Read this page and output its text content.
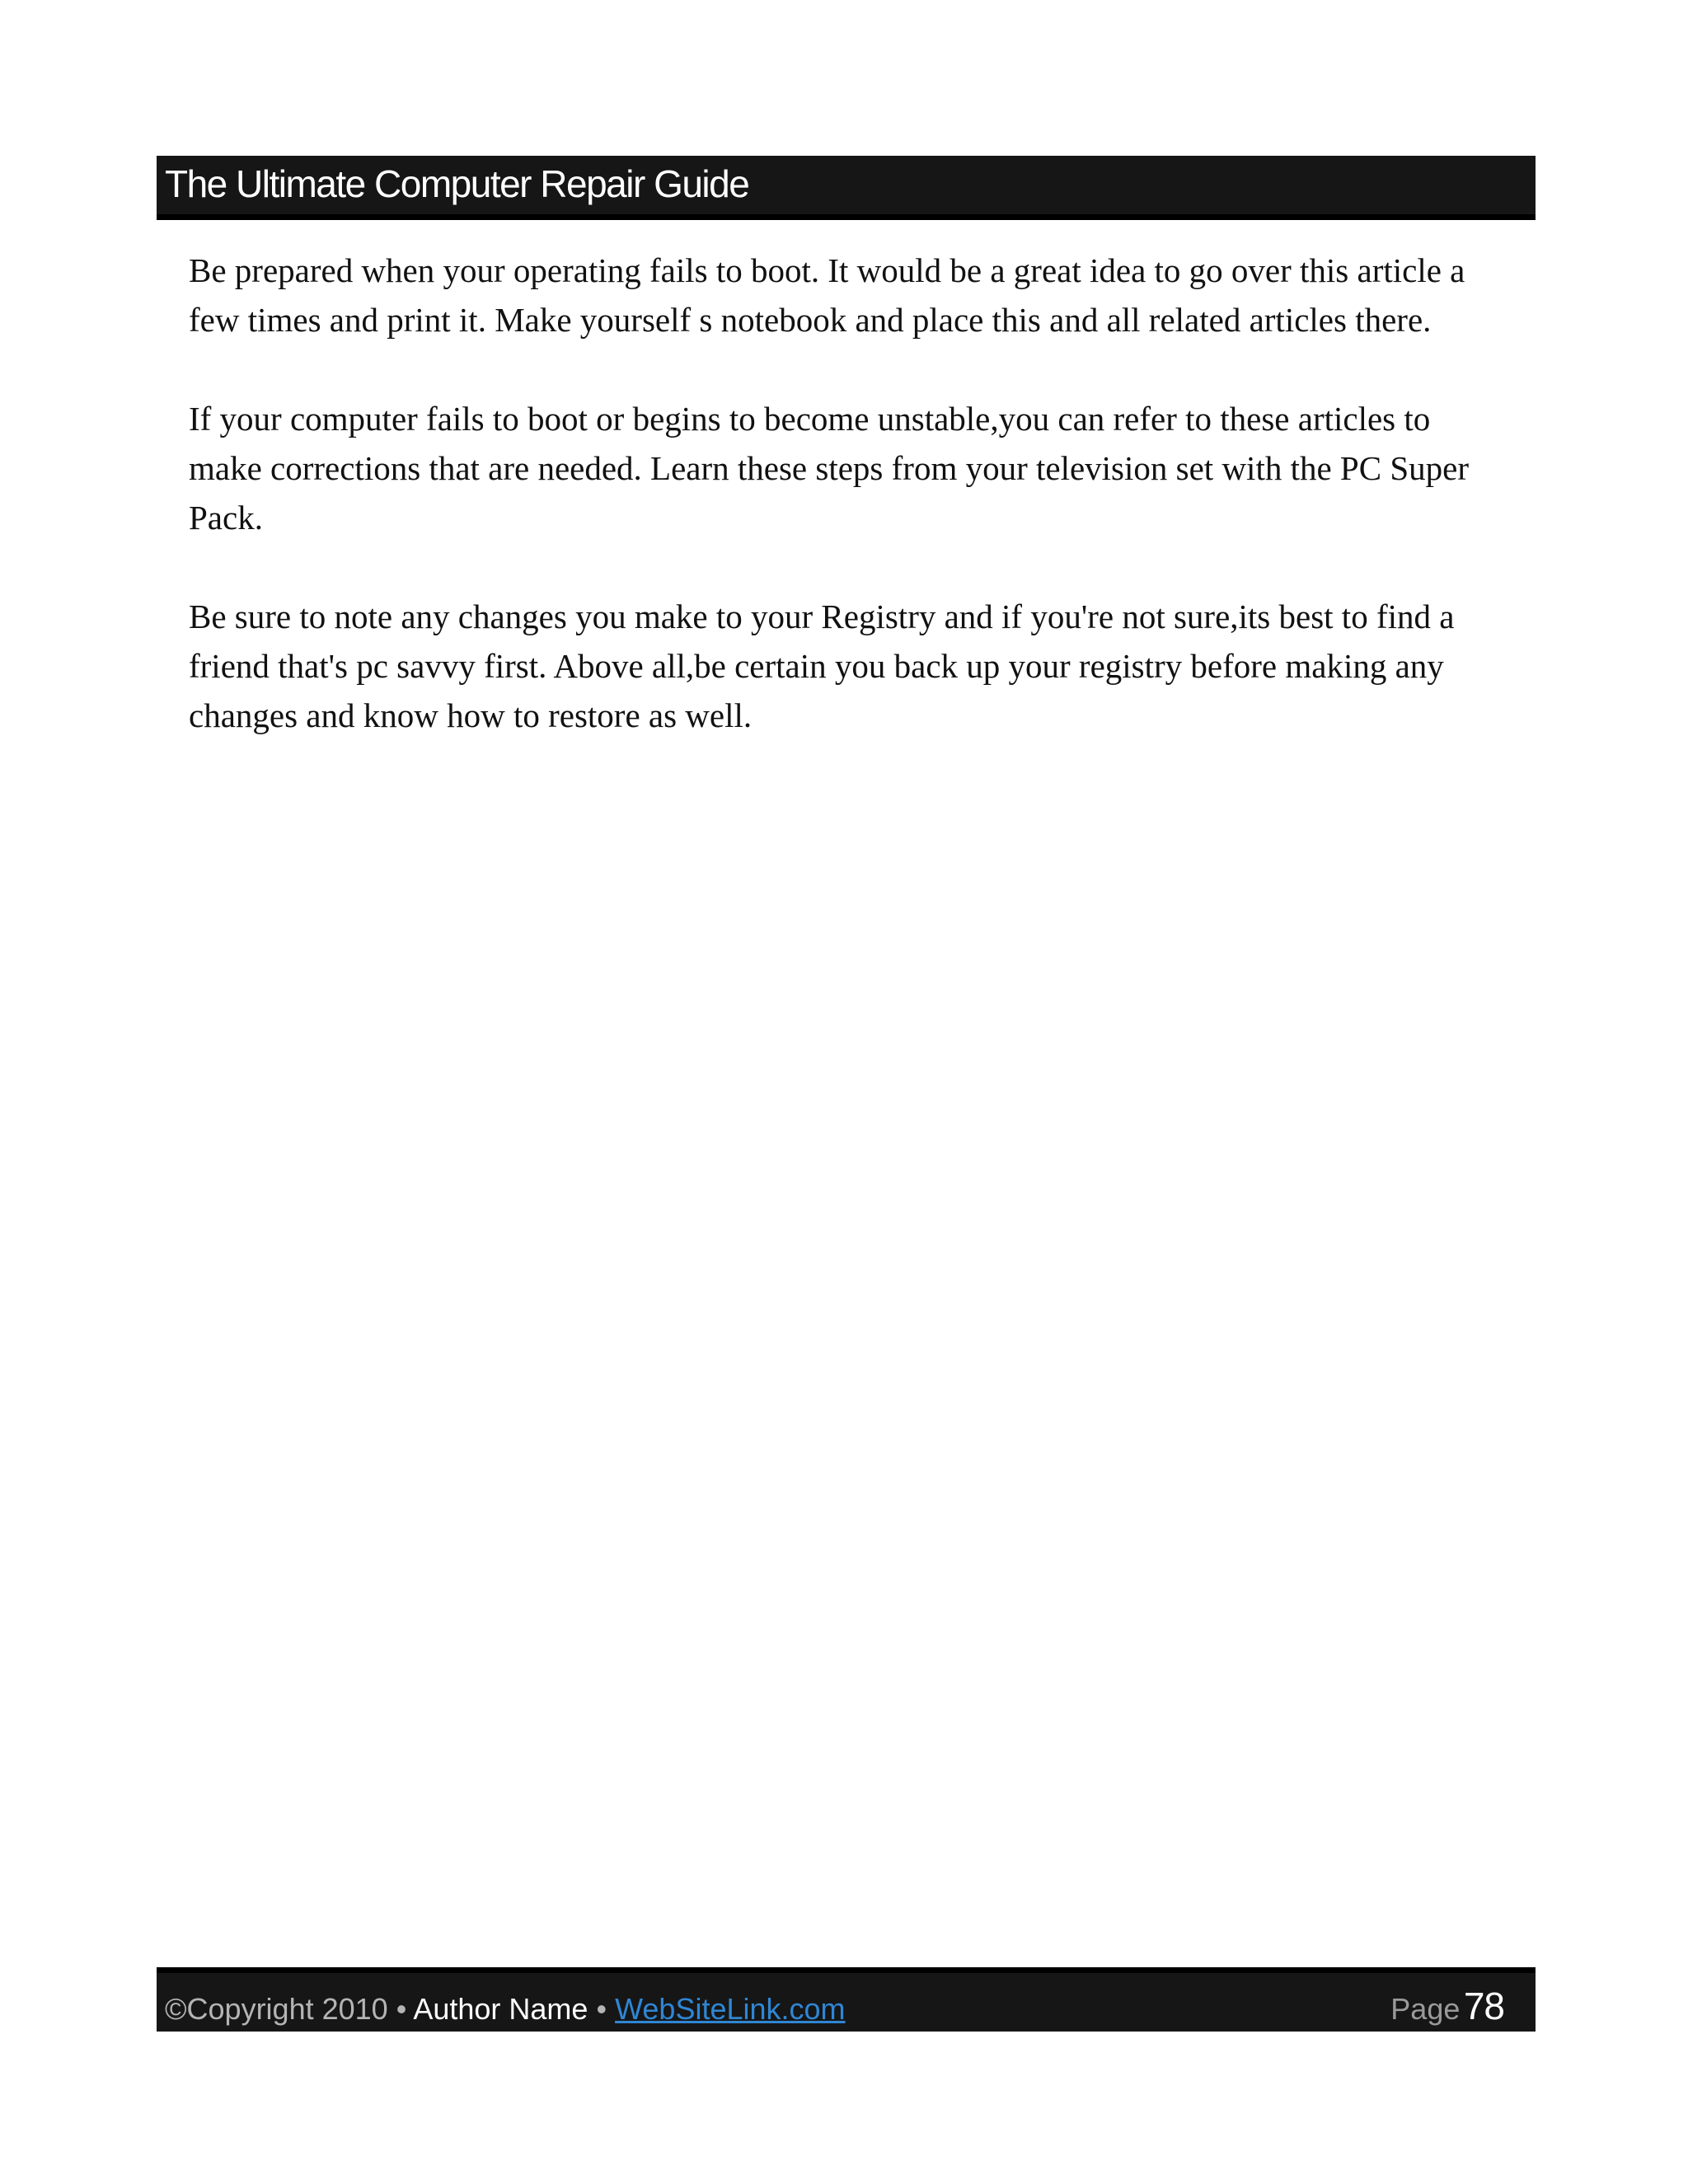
The Ultimate Computer Repair Guide

Be prepared when your operating fails to boot. It would be a great idea to go over this article a few times and print it. Make yourself s notebook and place this and all related articles there.

If your computer fails to boot or begins to become unstable,you can refer to these articles to make corrections that are needed. Learn these steps from your television set with the PC Super Pack.

Be sure to note any changes you make to your Registry and if you're not sure,its best to find a friend that's pc savvy first. Above all,be certain you back up your registry before making any changes and know how to restore as well.

©Copyright 2010 • Author Name • WebSiteLink.com	Page 78
